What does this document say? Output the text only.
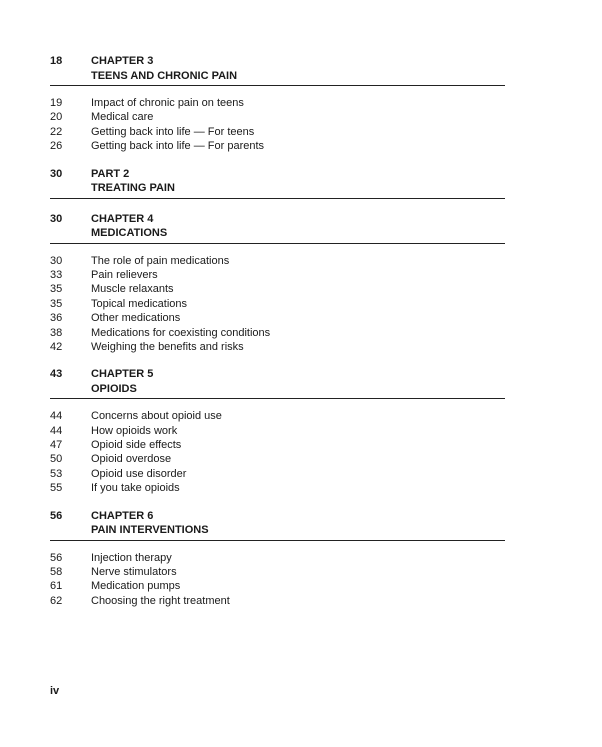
18	CHAPTER 3
TEENS AND CHRONIC PAIN
19	Impact of chronic pain on teens
20	Medical care
22	Getting back into life — For teens
26	Getting back into life — For parents
30	PART 2
TREATING PAIN
30	CHAPTER 4
MEDICATIONS
30	The role of pain medications
33	Pain relievers
35	Muscle relaxants
35	Topical medications
36	Other medications
38	Medications for coexisting conditions
42	Weighing the benefits and risks
43	CHAPTER 5
OPIOIDS
44	Concerns about opioid use
44	How opioids work
47	Opioid side effects
50	Opioid overdose
53	Opioid use disorder
55	If you take opioids
56	CHAPTER 6
PAIN INTERVENTIONS
56	Injection therapy
58	Nerve stimulators
61	Medication pumps
62	Choosing the right treatment
iv
